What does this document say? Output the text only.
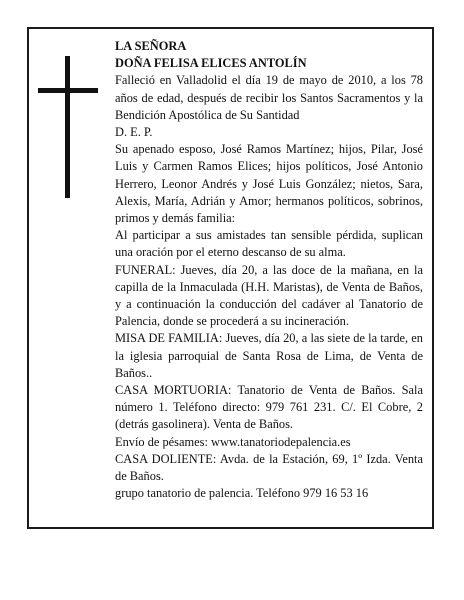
LA SEÑORA

DOÑA FELISA ELICES ANTOLÍN

Falleció en Valladolid el día 19 de mayo de 2010, a los 78 años de edad, después de recibir los Santos Sacramentos y la Bendición Apostólica de Su Santidad

D. E. P.

Su apenado esposo, José Ramos Martínez; hijos, Pilar, José Luis y Carmen Ramos Elices; hijos políticos, José Antonio Herrero, Leonor Andrés y José Luis González; nietos, Sara, Alexis, María, Adrián y Amor; hermanos políticos, sobrinos, primos y demás familia:

Al participar a sus amistades tan sensible pérdida, suplican una oración por el eterno descanso de su alma.

FUNERAL: Jueves, día 20, a las doce de la mañana, en la capilla de la Inmaculada (H.H. Maristas), de Venta de Baños, y a continuación la conducción del cadáver al Tanatorio de Palencia, donde se procederá a su incineración.

MISA DE FAMILIA: Jueves, día 20, a las siete de la tarde, en la iglesia parroquial de Santa Rosa de Lima, de Venta de Baños..

CASA MORTUORIA: Tanatorio de Venta de Baños. Sala número 1. Teléfono directo: 979 761 231. C/. El Cobre, 2 (detrás gasolinera). Venta de Baños.

Envío de pésames: www.tanatoriodepalencia.es

CASA DOLIENTE: Avda. de la Estación, 69, 1º Izda. Venta de Baños.

grupo tanatorio de palencia. Teléfono 979 16 53 16
